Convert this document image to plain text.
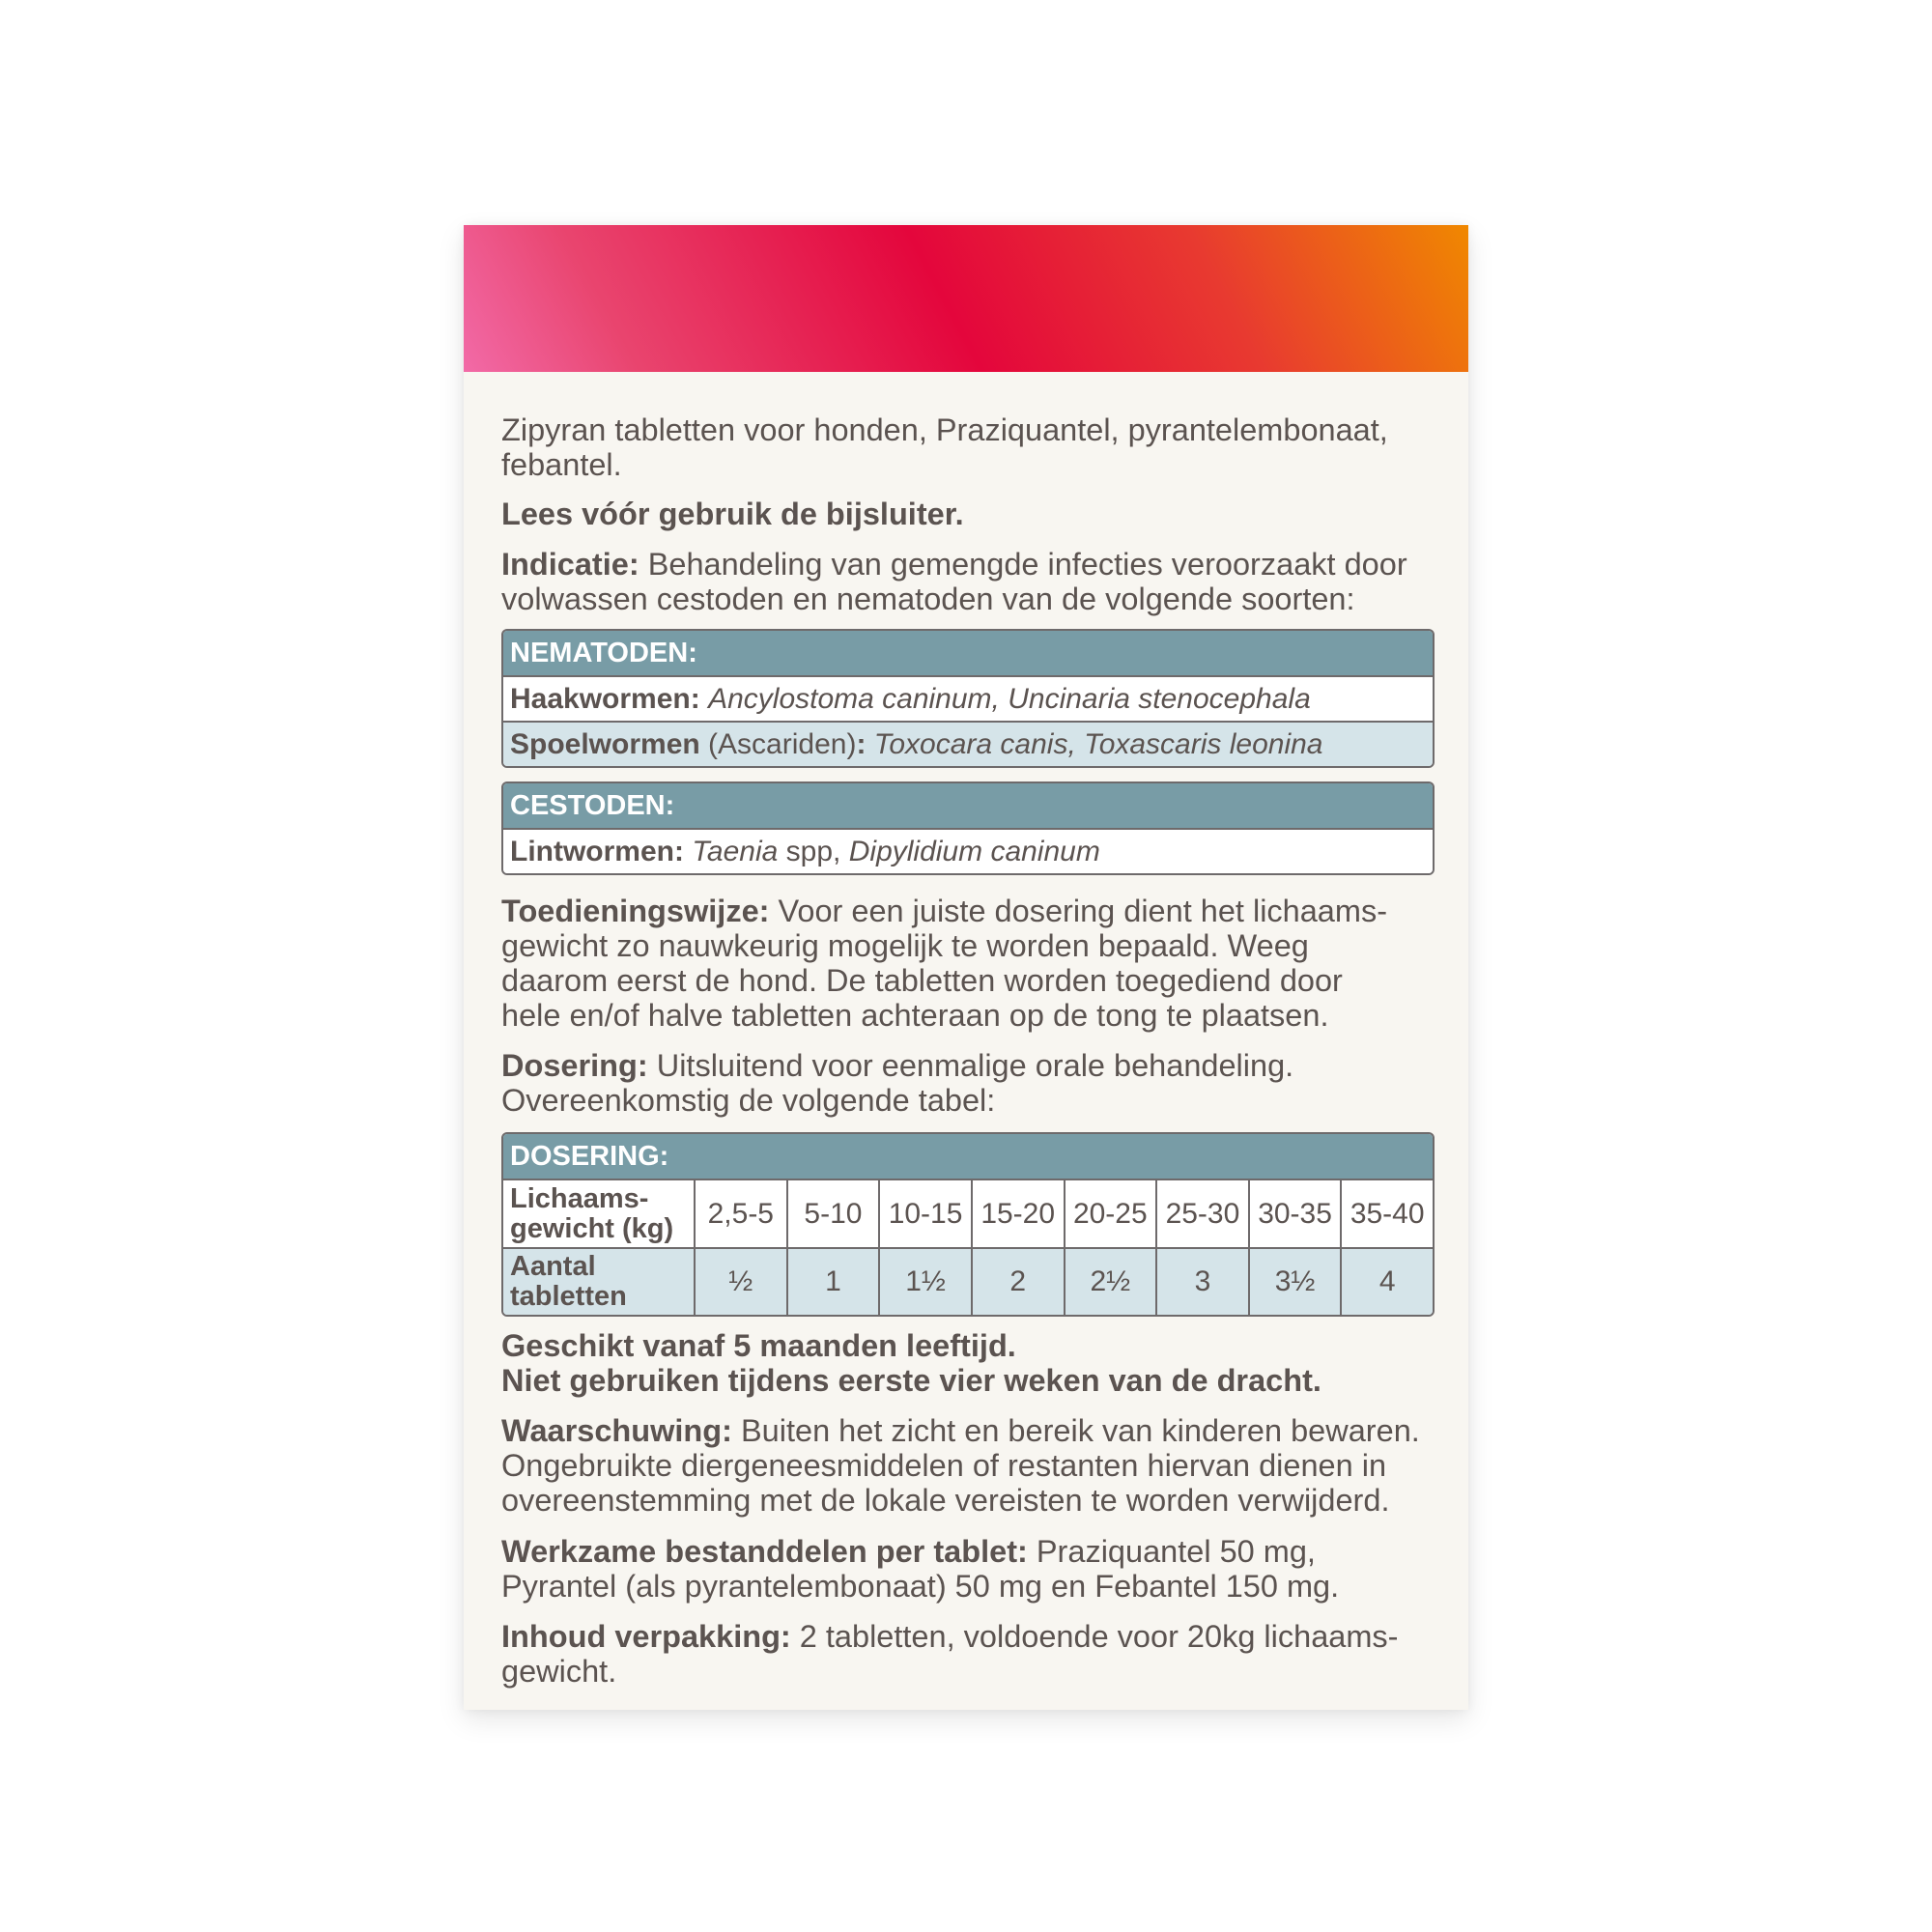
Zipyran tabletten voor honden, Praziquantel, pyrantelembonaat,
febantel.

Lees vóór gebruik de bijsluiter.

Indicatie: Behandeling van gemengde infecties veroorzaakt door
volwassen cestoden en nematoden van de volgende soorten:

NEMATODEN:
Haakwormen: Ancylostoma caninum, Uncinaria stenocephala
Spoelwormen (Ascariden): Toxocara canis, Toxascaris leonina
CESTODEN:
Lintwormen: Taenia spp, Dipylidium caninum

Toedieningswijze: Voor een juiste dosering dient het lichaams-
gewicht zo nauwkeurig mogelijk te worden bepaald. Weeg
daarom eerst de hond. De tabletten worden toegediend door
hele en/of halve tabletten achteraan op de tong te plaatsen.

Dosering: Uitsluitend voor eenmalige orale behandeling.
Overeenkomstig de volgende tabel:

DOSERING:
Lichaams-
gewicht (kg)	2,5-5	5-10 10-15 15-20 20-25 25-30 30-35 35-40
Aantal
tabletten	½	1	1½	2	2½	3	3½	4

Geschikt vanaf 5 maanden leeftijd.
Niet gebruiken tijdens eerste vier weken van de dracht.

Waarschuwing: Buiten het zicht en bereik van kinderen bewaren.
Ongebruikte diergeneesmiddelen of restanten hiervan dienen in
overeenstemming met de lokale vereisten te worden verwijderd.

Werkzame bestanddelen per tablet: Praziquantel 50 mg,
Pyrantel (als pyrantelembonaat) 50 mg en Febantel 150 mg.

Inhoud verpakking: 2 tabletten, voldoende voor 20kg lichaams-
gewicht.
